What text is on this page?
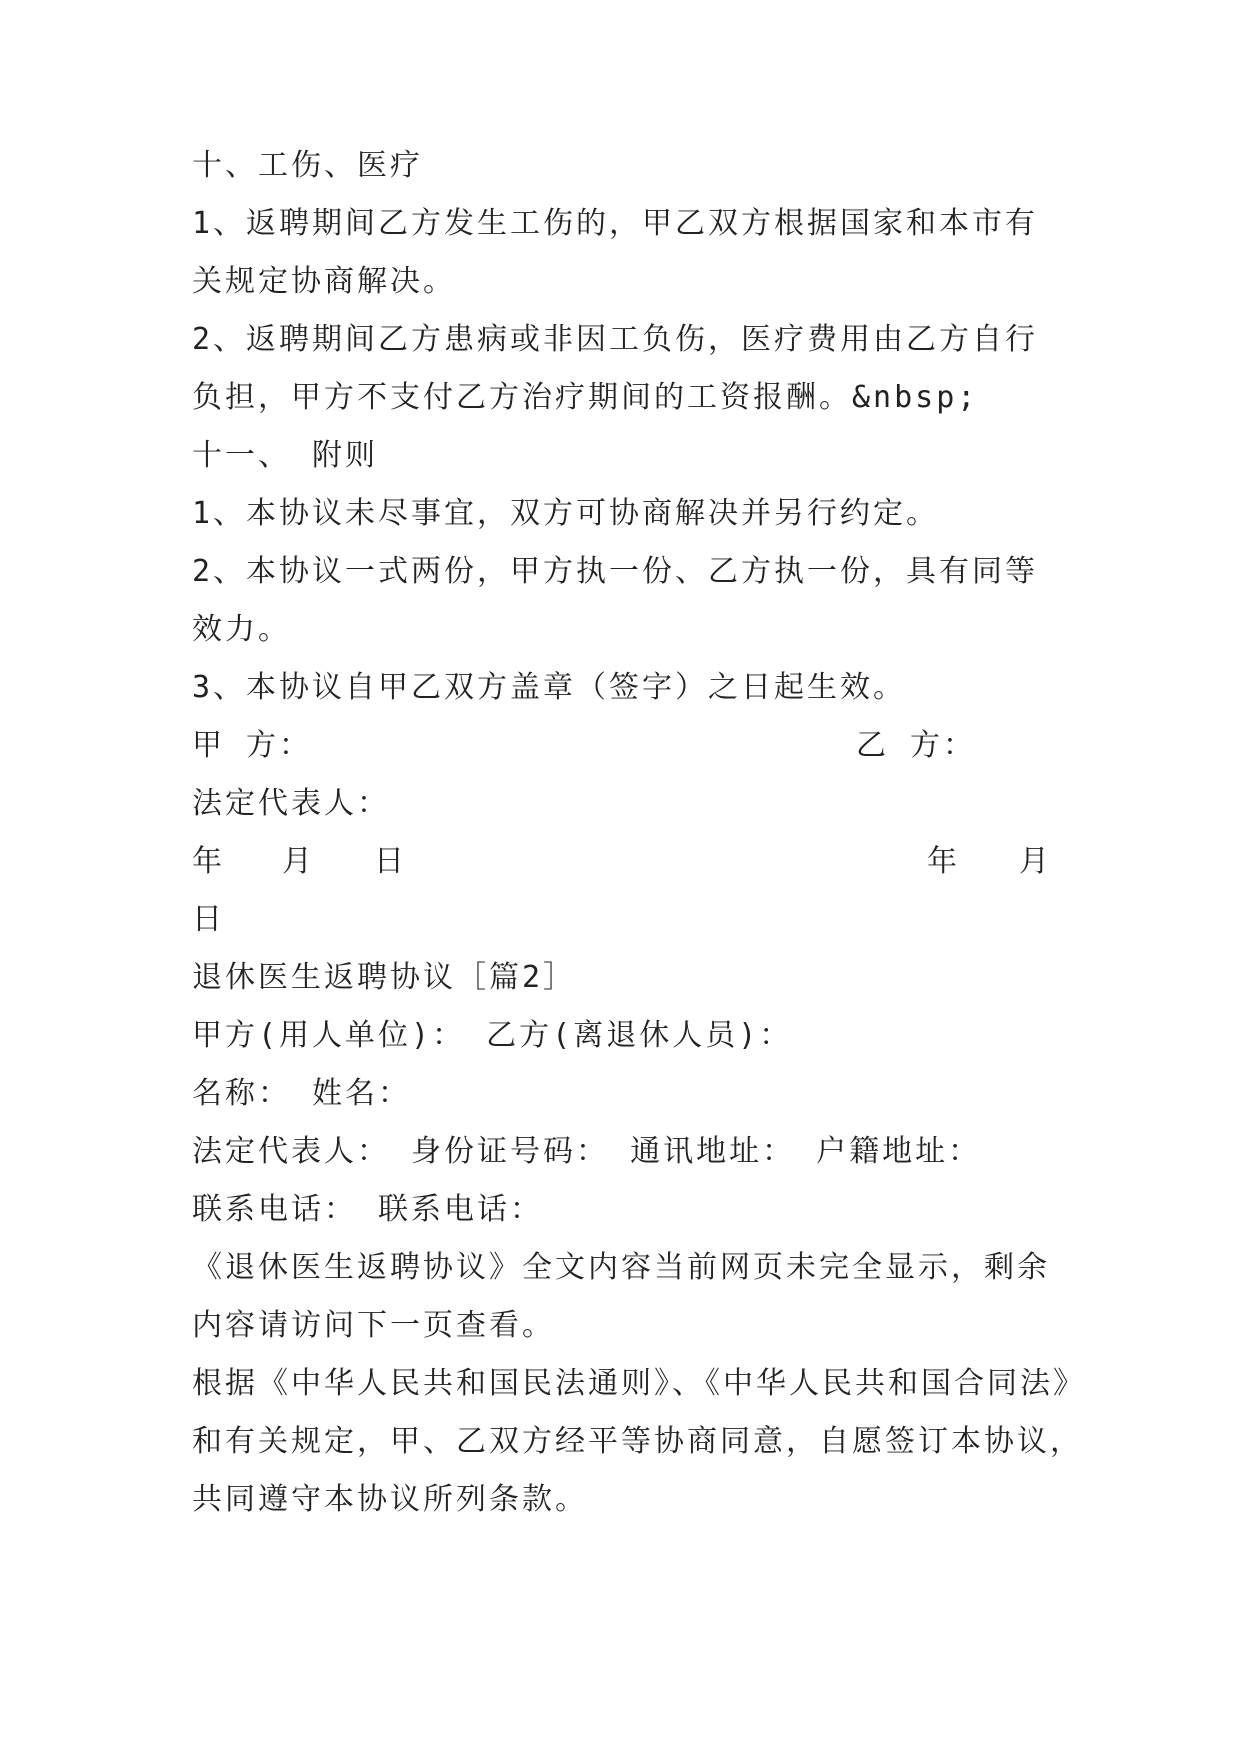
十、工伤、医疗
1、返聘期间乙方发生工伤的，甲乙双方根据国家和本市有
关规定协商解决。
2、返聘期间乙方患病或非因工负伤，医疗费用由乙方自行
负担，甲方不支付乙方治疗期间的工资报酬。&nbsp;
十一、 附则
1、本协议未尽事宜，双方可协商解决并另行约定。
2、本协议一式两份，甲方执一份、乙方执一份，具有同等
效力。
3、本协议自甲乙双方盖章（签字）之日起生效。
甲 方：	乙 方：
法定代表人：
年 月 日	年 月
日
退休医生返聘协议［篇2］
甲方(用人单位)： 乙方(离退休人员)：
名称： 姓名：
法定代表人： 身份证号码： 通讯地址： 户籍地址：
联系电话： 联系电话：
《退休医生返聘协议》全文内容当前网页未完全显示，剩余
内容请访问下一页查看。
根据《中华人民共和国民法通则》、《中华人民共和国合同法》
和有关规定，甲、乙双方经平等协商同意，自愿签订本协议，
共同遵守本协议所列条款。
